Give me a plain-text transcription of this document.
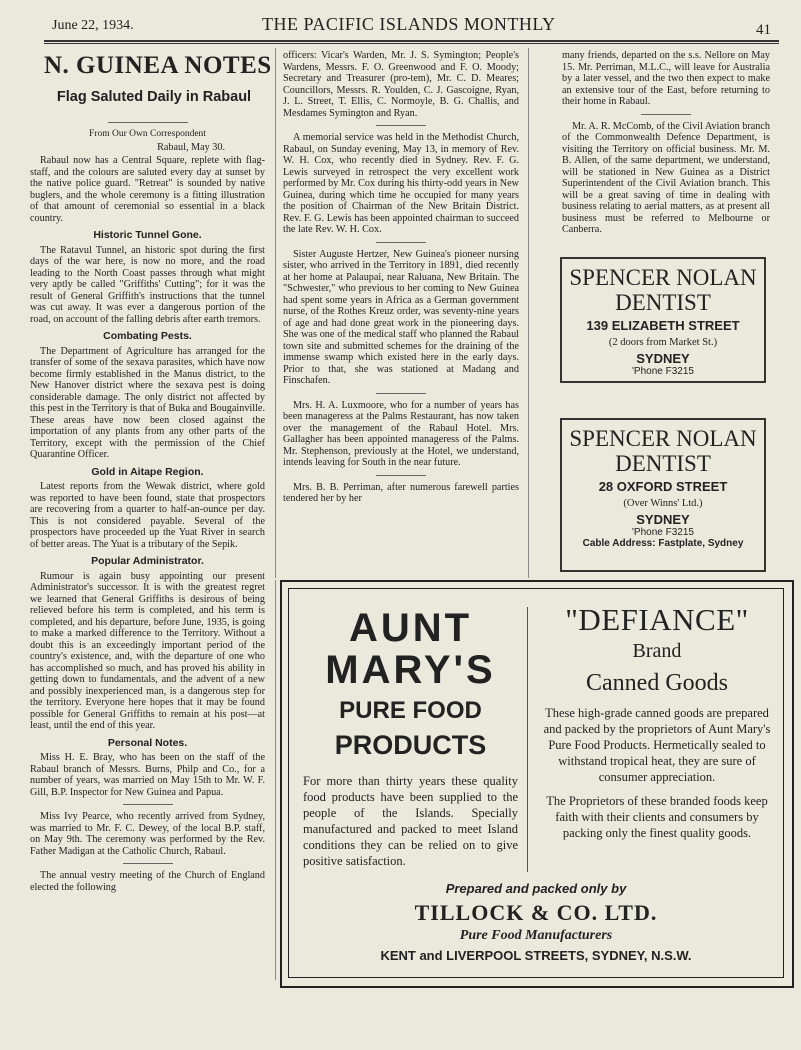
June 22, 1934.	THE PACIFIC ISLANDS MONTHLY	41
N. GUINEA NOTES
Flag Saluted Daily in Rabaul

From Our Own Correspondent

Rabaul, May 30.

Rabaul now has a Central Square, replete with flag-staff, and the colours are saluted every day at sunset by the native police guard. "Retreat" is sounded by native buglers, and the whole ceremony is a fitting illustration of that amount of ceremonial so essential in a black country.

Historic Tunnel Gone.

The Ratavul Tunnel, an historic spot during the first days of the war here, is now no more, and the road leading to the North Coast passes through what might very aptly be called "Griffiths' Cutting"; for it was the result of General Griffith's instructions that the tunnel was cut away. It was ever a dangerous portion of the road, on account of the falling debris after earth tremors.

Combating Pests.

The Department of Agriculture has arranged for the transfer of some of the sexava parasites, which have now become firmly established in the Manus district, to the New Hanover district where the sexava pest is doing considerable damage. The only district not affected by this pest in the Territory is that of Buka and Bougainville. These areas have now been closed against the importation of any plants from any other parts of the Territory, except with the permission of the Chief Quarantine Officer.

Gold in Aitape Region.

Latest reports from the Wewak district, where gold was reported to have been found, state that prospectors are recovering from a quarter to half-an-ounce per day. This is not considered payable. Several of the prospectors have proceeded up the Yuat River in search of better areas. The Yuat is a tributary of the Sepik.

Popular Administrator.

Rumour is again busy appointing our present Administrator's successor. It is with the greatest regret we learned that General Griffiths is desirous of being relieved before his term is completed, and his term is completed, and his departure, before June, 1935, is going to make a marked difference to the Territory. Without a doubt this is an exceedingly important period of the country's existence, and, with the departure of one who has accomplished so much, and has proved his ability in getting down to fundamentals, and the advent of a new and possibly inexperienced man, is a dangerous step for the territory. Everyone here hopes that it may be found possible for General Griffiths to remain at his post—at least, until the end of this year.

Personal Notes.

Miss H. E. Bray, who has been on the staff of the Rabaul branch of Messrs. Burns, Philp and Co., for a number of years, was married on May 15th to Mr. W. F. Gill, B.P. Inspector for New Guinea and Papua.

Miss Ivy Pearce, who recently arrived from Sydney, was married to Mr. F. C. Dewey, of the local B.P. staff, on May 9th. The ceremony was performed by the Rev. Father Madigan at the Catholic Church, Rabaul.

The annual vestry meeting of the Church of England elected the following

officers: Vicar's Warden, Mr. J. S. Symington; People's Wardens, Messrs. F. O. Greenwood and F. O. Moody; Secretary and Treasurer (pro-tem), Mr. C. D. Meares; Councillors, Messrs. R. Youlden, C. J. Gascoigne, Ryan, J. L. Street, T. Ellis, C. Normoyle, B. G. Challis, and Mesdames Symington and Ryan.

A memorial service was held in the Methodist Church, Rabaul, on Sunday evening, May 13, in memory of Rev. W. H. Cox, who recently died in Sydney. Rev. F. G. Lewis surveyed in retrospect the very excellent work performed by Mr. Cox during his thirty-odd years in New Guinea, during which time he occupied for many years the position of Chairman of the New Britain District. Rev. F. G. Lewis has been appointed chairman to succeed the late Rev. W. H. Cox.

Sister Auguste Hertzer, New Guinea's pioneer nursing sister, who arrived in the Territory in 1891, died recently at her home at Palaupai, near Raluana, New Britain. The "Schwester," who previous to her coming to New Guinea had spent some years in Africa as a German government nurse, of the Rothes Kreuz order, was seventy-nine years of age and had done great work in the pioneering days. She was one of the medical staff who planned the Rabaul town site and submitted schemes for the draining of the immense swamp which existed here in the early days. Prior to that, she was stationed at Madang and Finschafen.

Mrs. H. A. Luxmoore, who for a number of years has been manageress at the Palms Restaurant, has now taken over the management of the Rabaul Hotel. Mrs. Gallagher has been appointed manageress of the Palms. Mr. Stephenson, previously at the Hotel, we understand, intends leaving for South in the near future.

Mrs. B. B. Perriman, after numerous farewell parties tendered her by her

many friends, departed on the s.s. Nellore on May 15. Mr. Perriman, M.L.C., will leave for Australia by a later vessel, and the two then expect to make an extensive tour of the East, before returning to their home in Rabaul.

Mr. A. R. McComb, of the Civil Aviation branch of the Commonwealth Defence Department, is visiting the Territory on official business. Mr. M. B. Allen, of the same department, we understand, will be stationed in New Guinea as a District Superintendent of the Civil Aviation branch. This will be a great saving of time in dealing with business relating to aerial matters, as at present all business must be referred to Melbourne or Canberra.

SPENCER NOLAN DENTIST
139 ELIZABETH STREET
(2 doors from Market St.)
SYDNEY
'Phone F3215
SPENCER NOLAN DENTIST
28 OXFORD STREET
(Over Winns' Ltd.)
SYDNEY
'Phone F3215
Cable Address: Fastplate, Sydney
AUNT
MARY'S
PURE FOOD
PRODUCTS
For more than thirty years these quality food products have been supplied to the people of the Islands. Specially manufactured and packed to meet Island conditions they can be relied on to give positive satisfaction.
"DEFIANCE"
Brand
Canned Goods

These high-grade canned goods are prepared and packed by the proprietors of Aunt Mary's Pure Food Products. Hermetically sealed to withstand tropical heat, they are sure of consumer appreciation.

The Proprietors of these branded foods keep faith with their clients and consumers by packing only the finest quality goods.

Prepared and packed only by
TILLOCK & CO. LTD.
Pure Food Manufacturers
KENT and LIVERPOOL STREETS, SYDNEY, N.S.W.
